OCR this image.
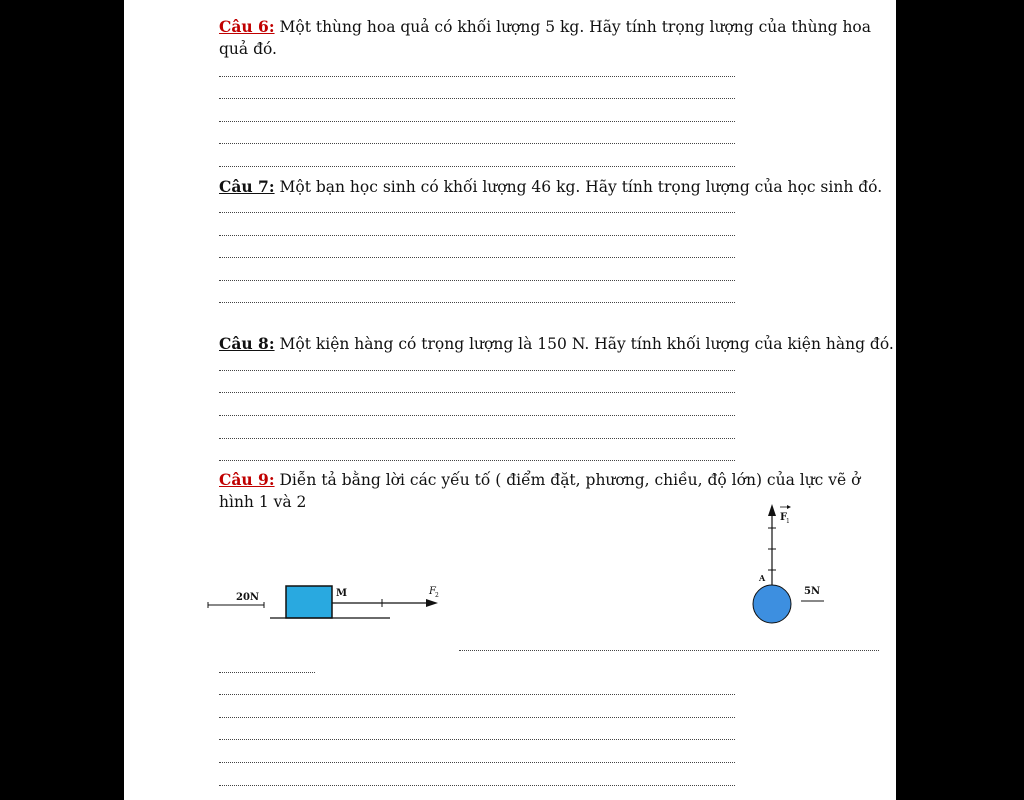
Câu 6: Một thùng hoa quả có khối lượng 5 kg. Hãy tính trọng lượng của thùng hoa
quả đó.
Câu 7: Một bạn học sinh có khối lượng 46 kg. Hãy tính trọng lượng của học sinh đó.
Câu 8: Một kiện hàng có trọng lượng là 150 N. Hãy tính khối lượng của kiện hàng đó.
Câu 9: Diễn tả bằng lời các yếu tố ( điểm đặt, phương, chiều, độ lớn) của lực vẽ ở
hình 1 và 2
20N	M	F 2
F
1
A
5N
